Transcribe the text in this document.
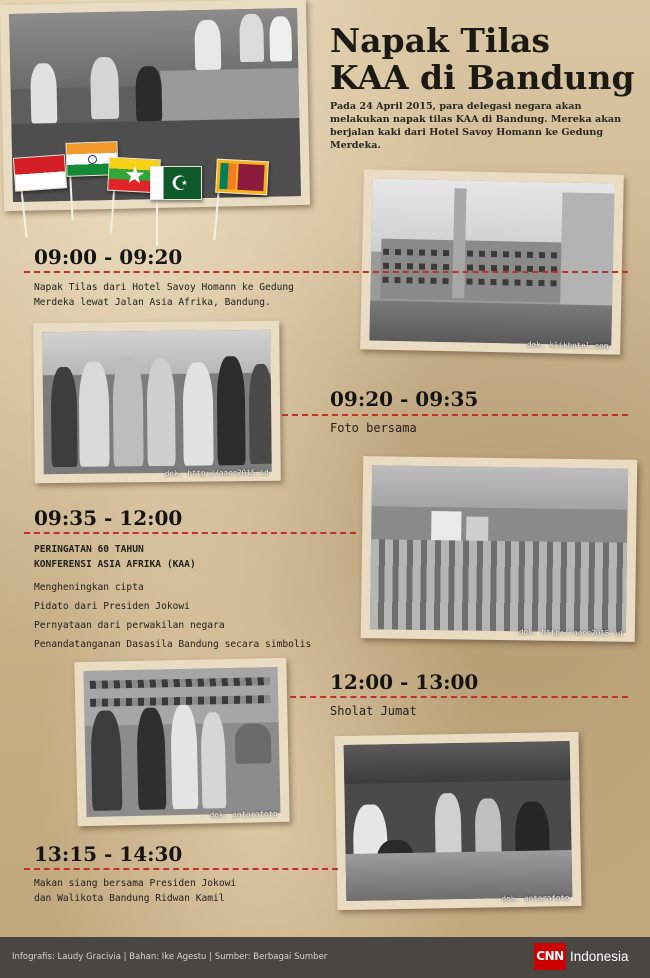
★ ☪
Napak Tilas
KAA di Bandung
Pada 24 April 2015, para delegasi negara akan melakukan napak tilas KAA di Bandung. Mereka akan berjalan kaki dari Hotel Savoy Homann ke Gedung Merdeka.
dok. klikhotel.com
09:00 - 09:20
Napak Tilas dari Hotel Savoy Homann ke Gedung
Merdeka lewat Jalan Asia Afrika, Bandung.
dok. http://aacc2015.id
09:20 - 09:35
Foto bersama
dok. http://aacc2015.id
09:35 - 12:00
PERINGATAN 60 TAHUN
KONFERENSI ASIA AFRIKA (KAA)
Mengheningkan cipta
Pidato dari Presiden Jokowi
Pernyataan dari perwakilan negara
Penandatanganan Dasasila Bandung secara simbolis
dok. antarafoto
12:00 - 13:00
Sholat Jumat
dok. antarafoto
13:15 - 14:30
Makan siang bersama Presiden Jokowi
dan Walikota Bandung Ridwan Kamil
Infografis: Laudy Gracivia | Bahan: Ike Agestu | Sumber: Berbagai Sumber	CNN Indonesia
